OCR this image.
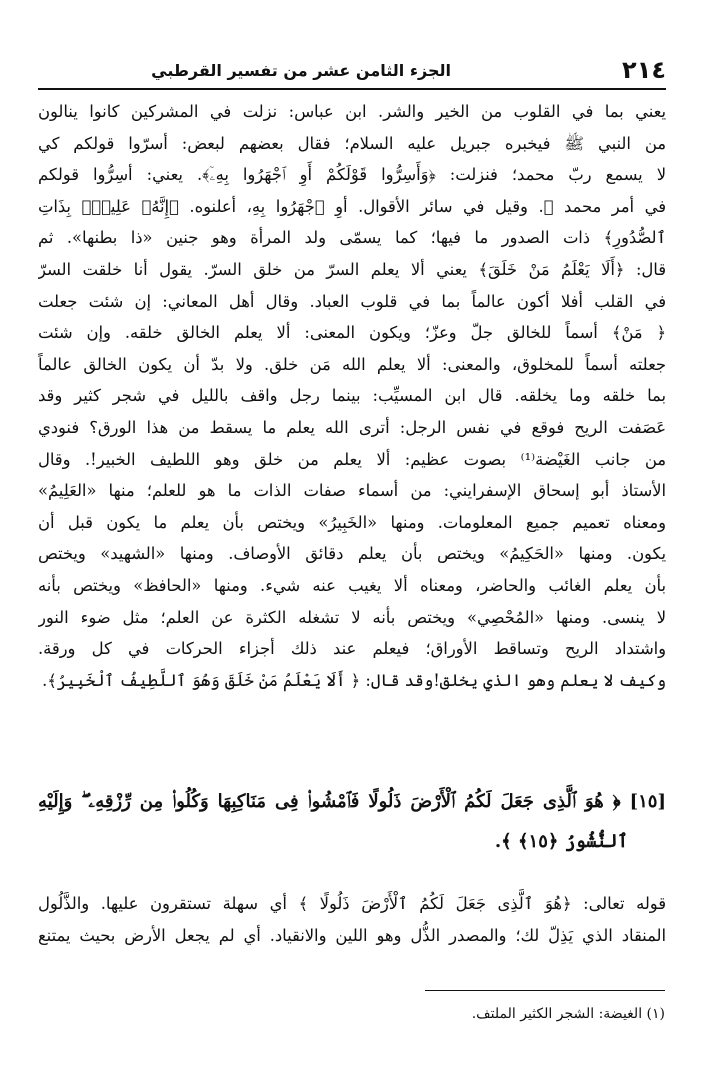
٢١٤
الجزء الثامن عشر من تفسير القرطبي
يعني بما في القلوب من الخير والشر. ابن عباس: نزلت في المشركين كانوا ينالون
من النبي ﷺ فيخبره جبريل عليه السلام؛ فقال بعضهم لبعض: أسرّوا قولكم كي
لا يسمع ربّ محمد؛ فنزلت: ﴿وَأَسِرُّوا قَوْلَكُمْ أَوِ ٱجْهَرُوا بِهِۦٓ﴾. يعني: أسِرُّوا قولكم
في أمر محمد ﷺ. وقيل في سائر الأقوال. أوِ ٱجْهَرُوا بِهِ، أعلنوه. ﴿إِنَّهُۥ عَلِيمٌۢ بِذَاتِ
ٱلصُّدُورِ﴾ ذات الصدور ما فيها؛ كما يسمّى ولد المرأة وهو جنين «ذا بطنها». ثم
قال: ﴿أَلَا يَعْلَمُ مَنْ خَلَقَ﴾ يعني ألا يعلم السرّ من خلق السرّ. يقول أنا خلقت السرّ
في القلب أفلا أكون عالماً بما في قلوب العباد. وقال أهل المعاني: إن شئت جعلت
﴿ مَنْ﴾ أسماً للخالق جلّ وعزّ؛ ويكون المعنى: ألا يعلم الخالق خلقه. وإن شئت
جعلته أسماً للمخلوق، والمعنى: ألا يعلم الله مَن خلق. ولا بدّ أن يكون الخالق عالماً
بما خلقه وما يخلقه. قال ابن المسيِّب: بينما رجل واقف بالليل في شجر كثير وقد
عَصَفت الريح فوقع في نفس الرجل: أترى الله يعلم ما يسقط من هذا الورق؟ فنودي
من جانب الغَيْضة⁽¹⁾ بصوت عظيم: ألا يعلم من خلق وهو اللطيف الخبير!. وقال
الأستاذ أبو إسحاق الإسفرايني: من أسماء صفات الذات ما هو للعلم؛ منها «العَلِيمُ»
ومعناه تعميم جميع المعلومات. ومنها «الخَبِيرُ» ويختص بأن يعلم ما يكون قبل أن
يكون. ومنها «الحَكِيمُ» ويختص بأن يعلم دقائق الأوصاف. ومنها «الشهيد» ويختص
بأن يعلم الغائب والحاضر، ومعناه ألا يغيب عنه شيء. ومنها «الحافظ» ويختص بأنه
لا ينسى. ومنها «المُحْصِي» ويختص بأنه لا تشغله الكثرة عن العلم؛ مثل ضوء النور
واشتداد الريح وتساقط الأوراق؛ فيعلم عند ذلك أجزاء الحركات في كل ورقة.
وكيف لا يعلم وهو الذي يخلق!وقد قال: ﴿ أَلَا يَعْلَمُ مَنْ خَلَقَ وَهُوَ ٱللَّطِيفُ ٱلْخَبِيرُ﴾.
[١٥] ﴿ هُوَ ٱلَّذِى جَعَلَ لَكُمُ ٱلْأَرْضَ ذَلُولًا فَٱمْشُوا۟ فِى مَنَاكِبِهَا وَكُلُوا۟ مِن رِّزْقِهِۦ ۖ وَإِلَيْهِ
ٱلنُّشُورُ ﴿١٥﴾ ﴾.
قوله تعالى: ﴿هُوَ ٱلَّذِى جَعَلَ لَكُمُ ٱلْأَرْضَ ذَلُولًا ﴾ أي سهلة تستقرون عليها. والذَّلُول
المنقاد الذي يَذِلّ لك؛ والمصدر الذُّل وهو اللين والانقياد. أي لم يجعل الأرض بحيث يمتنع
(١) الغيضة: الشجر الكثير الملتف.
